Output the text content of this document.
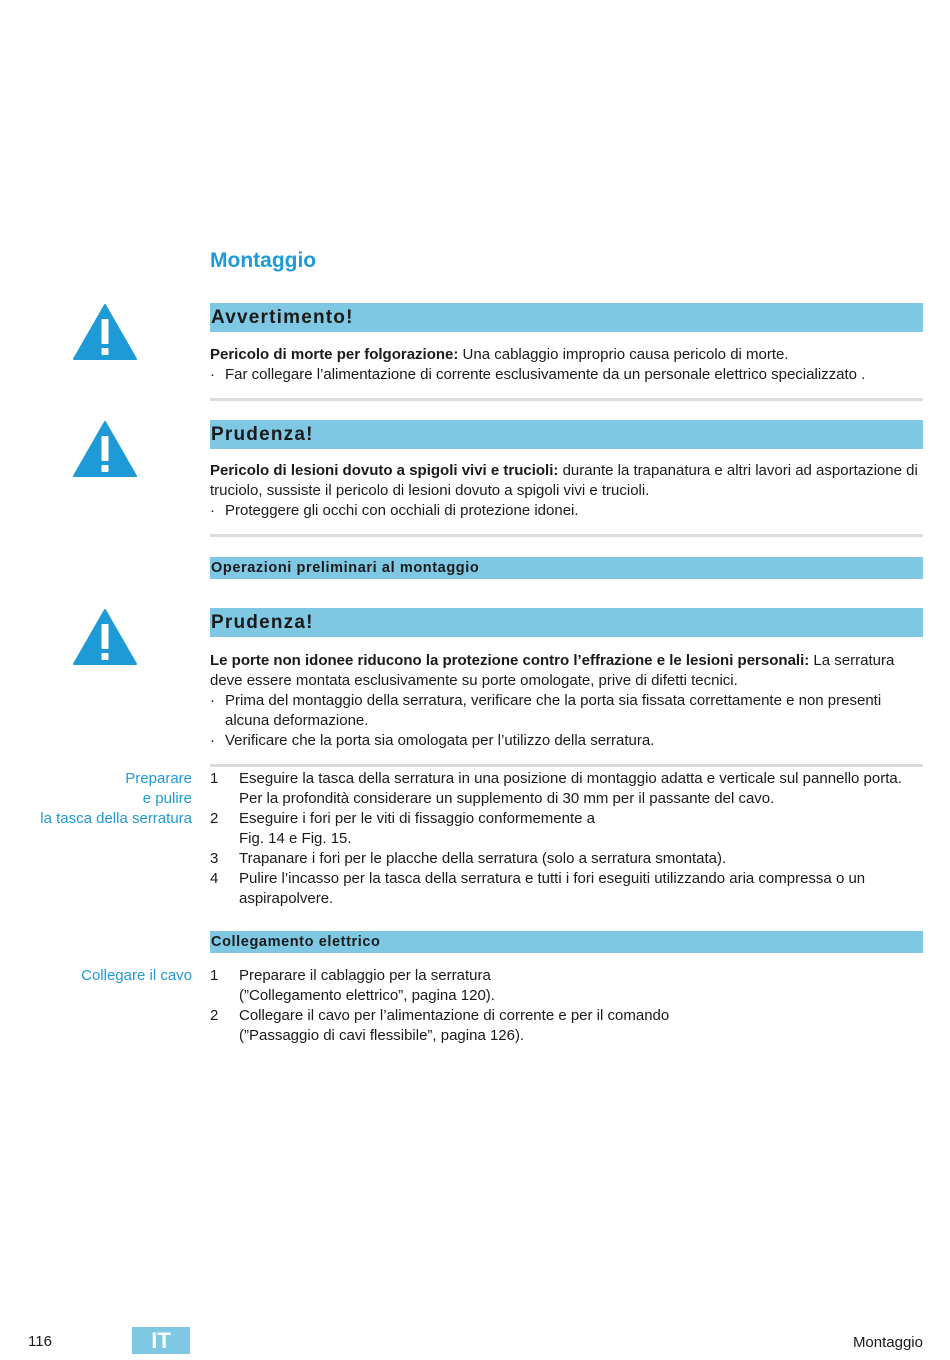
Montaggio
Avvertimento!

Pericolo di morte per folgorazione: Una cablaggio improprio causa pericolo di morte.

· Far collegare l’alimentazione di corrente esclusivamente da un personale elettrico specializzato .

Prudenza!

Pericolo di lesioni dovuto a spigoli vivi e trucioli: durante la trapanatura e altri lavori ad asportazione di truciolo, sussiste il pericolo di lesioni dovuto a spigoli vivi e trucioli.

· Proteggere gli occhi con occhiali di protezione idonei.

Operazioni preliminari al montaggio
Prudenza!

Le porte non idonee riducono la protezione contro l’effrazione e le lesioni personali: La serratura deve essere montata esclusivamente su porte omologate, prive di difetti tecnici.

· Prima del montaggio della serratura, verificare che la porta sia fissata correttamente e non presenti alcuna deformazione.

· Verificare che la porta sia omologata per l’utilizzo della serratura.

Preparare
e pulire
la tasca della serratura
1 Eseguire la tasca della serratura in una posizione di montaggio adatta e verticale sul pannello porta. Per la profondità considerare un supplemento di 30 mm per il passante del cavo.
2 Eseguire i fori per le viti di fissaggio conformemente a
Fig. 14 e Fig. 15.
3 Trapanare i fori per le placche della serratura (solo a serratura smontata).
4 Pulire l’incasso per la tasca della serratura e tutti i fori eseguiti utilizzando aria compressa o un aspirapolvere.
Collegamento elettrico
Collegare il cavo 1 Preparare il cablaggio per la serratura
(”Collegamento elettrico”, pagina 120).
2 Collegare il cavo per l’alimentazione di corrente e per il comando
(”Passaggio di cavi flessibile”, pagina 126).
116	IT	Montaggio
